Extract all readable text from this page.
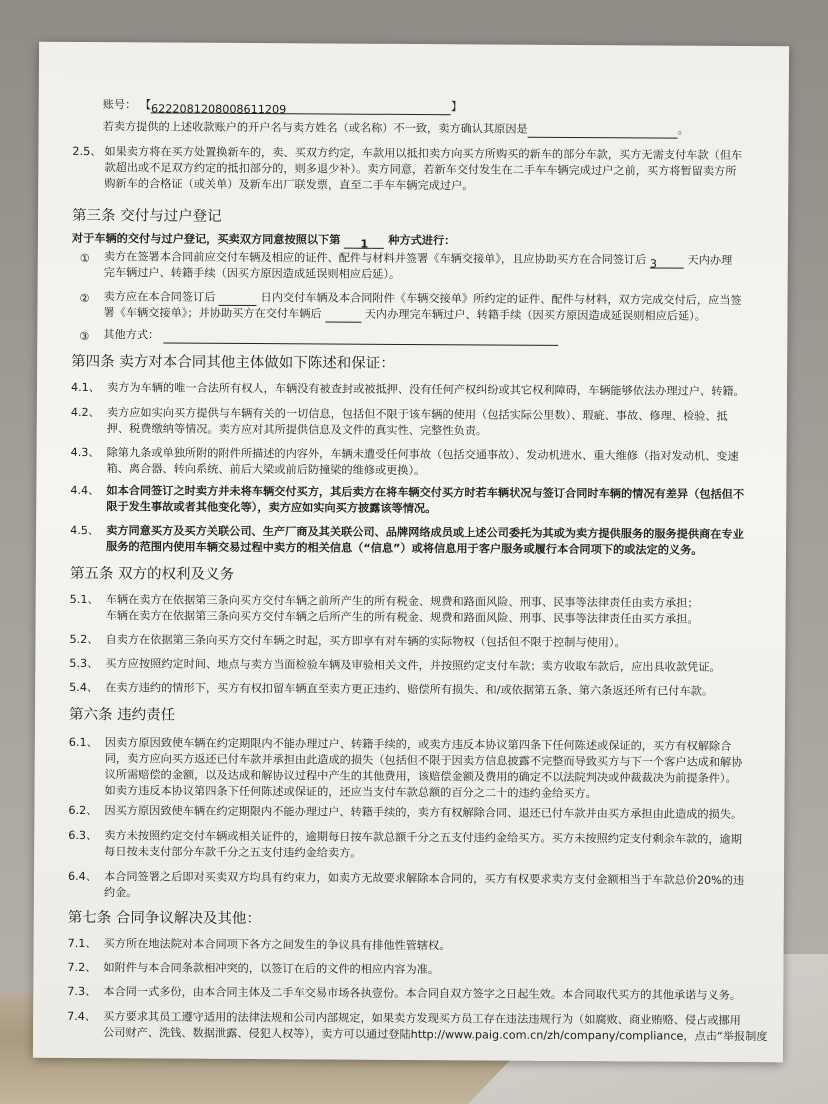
账号： 【6222081208008611209	】
若卖方提供的上述收款账户的开户名与卖方姓名（或名称）不一致，卖方确认其原因是	。
2.5、 如果卖方将在买方处置换新车的，卖、买双方约定，车款用以抵扣卖方向买方所购买的新车的部分车款，买方无需支付车款（但车
款超出或不足双方约定的抵扣部分的，则多退少补）。卖方同意，若新车交付发生在二手车车辆完成过户之前，买方将暂留卖方所
购新车的合格证（或关单）及新车出厂联发票，直至二手车车辆完成过户。
第三条 交付与过户登记
对于车辆的交付与过户登记，买卖双方同意按照以下第 1 种方式进行：
① 卖方在签署本合同前应交付车辆及相应的证件、配件与材料并签署《车辆交接单》，且应协助买方在合同签订后 3	天内办理
完车辆过户、转籍手续（因买方原因造成延误则相应后延）。
② 卖方应在本合同签订后	日内交付车辆及本合同附件《车辆交接单》所约定的证件、配件与材料，双方完成交付后，应当签
署《车辆交接单》；并协助买方在交付车辆后	天内办理完车辆过户、转籍手续（因买方原因造成延误则相应后延）。
③ 其他方式：
第四条 卖方对本合同其他主体做如下陈述和保证：
4.1、 卖方为车辆的唯一合法所有权人，车辆没有被查封或被抵押、没有任何产权纠纷或其它权利障碍，车辆能够依法办理过户、转籍。
4.2、 卖方应如实向买方提供与车辆有关的一切信息，包括但不限于该车辆的使用（包括实际公里数）、瑕疵、事故、修理、检验、抵
押、税费缴纳等情况。卖方应对其所提供信息及文件的真实性、完整性负责。
4.3、 除第九条或单独所附的附件所描述的内容外，车辆未遭受任何事故（包括交通事故）、发动机进水、重大维修（指对发动机、变速
箱、离合器、转向系统、前后大梁或前后防撞梁的维修或更换）。
4.4、 如本合同签订之时卖方并未将车辆交付买方，其后卖方在将车辆交付买方时若车辆状况与签订合同时车辆的情况有差异（包括但不
限于发生事故或者其他变化等），卖方应如实向买方披露该等情况。
4.5、 卖方同意买方及买方关联公司、生产厂商及其关联公司、品牌网络成员或上述公司委托为其或为卖方提供服务的服务提供商在专业
服务的范围内使用车辆交易过程中卖方的相关信息（“信息”）或将信息用于客户服务或履行本合同项下的或法定的义务。
第五条 双方的权利及义务
5.1、 车辆在卖方在依据第三条向买方交付车辆之前所产生的所有税金、规费和路面风险、刑事、民事等法律责任由卖方承担；
车辆在卖方在依据第三条向买方交付车辆之后所产生的所有税金、规费和路面风险、刑事、民事等法律责任由买方承担。
5.2、 自卖方在依据第三条向买方交付车辆之时起，买方即享有对车辆的实际物权（包括但不限于控制与使用）。
5.3、 买方应按照约定时间、地点与卖方当面检验车辆及审验相关文件，并按照约定支付车款；卖方收取车款后，应出具收款凭证。
5.4、 在卖方违约的情形下，买方有权扣留车辆直至卖方更正违约、赔偿所有损失、和/或依据第五条、第六条返还所有已付车款。
第六条 违约责任
6.1、 因卖方原因致使车辆在约定期限内不能办理过户、转籍手续的，或卖方违反本协议第四条下任何陈述或保证的，买方有权解除合
同，卖方应向买方返还已付车款并承担由此造成的损失（包括但不限于因卖方信息披露不完整而导致买方与下一个客户达成和解协
议所需赔偿的金额，以及达成和解协议过程中产生的其他费用，该赔偿金额及费用的确定不以法院判决或仲裁裁决为前提条件）。
如卖方违反本协议第四条下任何陈述或保证的，还应当支付车款总额的百分之二十的违约金给买方。
6.2、
6.3、 卖方未按照约定交付车辆或相关证件的，逾期每日按车款总额千分之五支付违约金给买方。买方未按照约定支付剩余车款的，逾期
每日按未支付部分车款千分之五支付违约金给卖方。
6.4、 本合同签署之后即对买卖双方均具有约束力，如卖方无故要求解除本合同的，买方有权要求卖方支付金额相当于车款总价20%的违
约金。
因买方原因致使车辆在约定期限内不能办理过户、转籍手续的，卖方有权解除合同、退还已付车款并由买方承担由此造成的损失。
第七条 合同争议解决及其他：
7.1、 买方所在地法院对本合同项下各方之间发生的争议具有排他性管辖权。
7.2、 如附件与本合同条款相冲突的，以签订在后的文件的相应内容为准。
7.3、 本合同一式多份，由本合同主体及二手车交易市场各执壹份。本合同自双方签字之日起生效。本合同取代买方的其他承诺与义务。
7.4、 买方要求其员工遵守适用的法律法规和公司内部规定，如果卖方发现买方员工存在违法违规行为（如腐败、商业贿赂、侵占或挪用
公司财产、洗钱、数据泄露、侵犯人权等），卖方可以通过登陆http://www.paig.com.cn/zh/company/compliance，点击“举报制度
